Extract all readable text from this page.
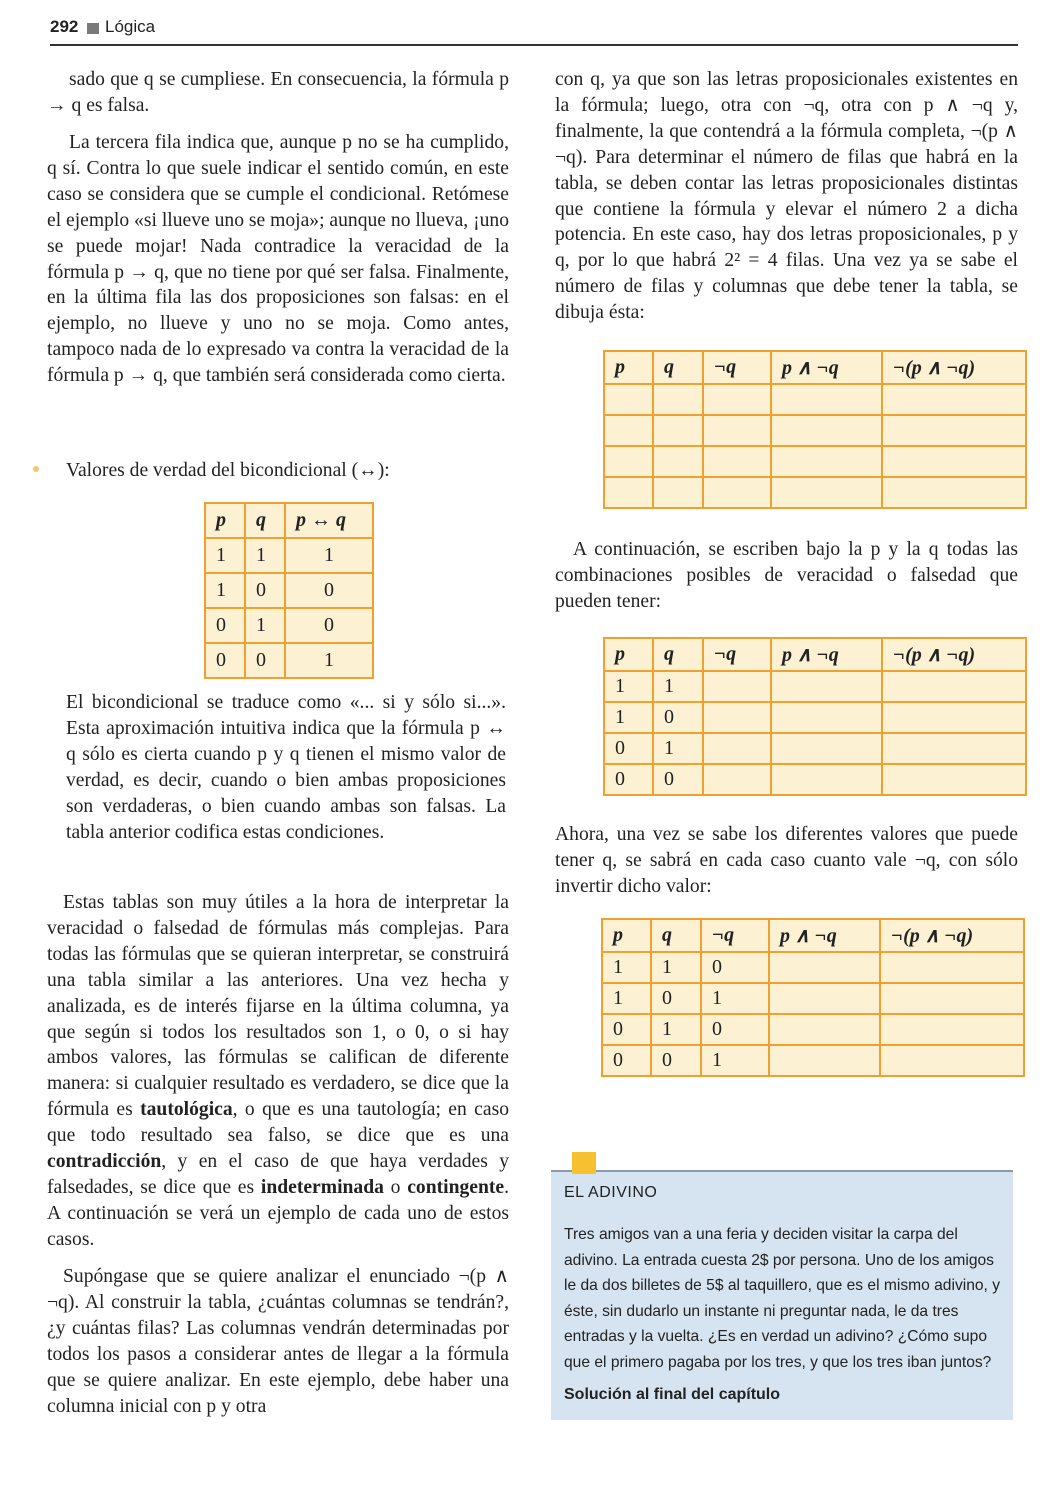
292 Lógica
sado que q se cumpliese. En consecuencia, la fórmula p → q es falsa.
La tercera fila indica que, aunque p no se ha cumplido, q sí. Contra lo que suele indicar el sentido común, en este caso se considera que se cumple el condicional. Retómese el ejemplo «si llueve uno se moja»; aunque no llueva, ¡uno se puede mojar! Nada contradice la veracidad de la fórmula p → q, que no tiene por qué ser falsa. Finalmente, en la última fila las dos proposiciones son falsas: en el ejemplo, no llueve y uno no se moja. Como antes, tampoco nada de lo expresado va contra la veracidad de la fórmula p → q, que también será considerada como cierta.
Valores de verdad del bicondicional (↔):
p	q	p ↔ q
1	1	1
1	0	0
0	1	0
0	0	1
El bicondicional se traduce como «... si y sólo si...». Esta aproximación intuitiva indica que la fórmula p ↔ q sólo es cierta cuando p y q tienen el mismo valor de verdad, es decir, cuando o bien ambas proposiciones son verdaderas, o bien cuando ambas son falsas. La tabla anterior codifica estas condiciones.
Estas tablas son muy útiles a la hora de interpretar la veracidad o falsedad de fórmulas más complejas. Para todas las fórmulas que se quieran interpretar, se construirá una tabla similar a las anteriores. Una vez hecha y analizada, es de interés fijarse en la última columna, ya que según si todos los resultados son 1, o 0, o si hay ambos valores, las fórmulas se califican de diferente manera: si cualquier resultado es verdadero, se dice que la fórmula es tautológica, o que es una tautología; en caso que todo resultado sea falso, se dice que es una contradicción, y en el caso de que haya verdades y falsedades, se dice que es indeterminada o contingente. A continuación se verá un ejemplo de cada uno de estos casos.
Supóngase que se quiere analizar el enunciado ¬(p ∧ ¬q). Al construir la tabla, ¿cuántas columnas se tendrán?, ¿y cuántas filas? Las columnas vendrán determinadas por todos los pasos a considerar antes de llegar a la fórmula que se quiere analizar. En este ejemplo, debe haber una columna inicial con p y otra
con q, ya que son las letras proposicionales existentes en la fórmula; luego, otra con ¬q, otra con p ∧ ¬q y, finalmente, la que contendrá a la fórmula completa, ¬(p ∧ ¬q). Para determinar el número de filas que habrá en la tabla, se deben contar las letras proposicionales distintas que contiene la fórmula y elevar el número 2 a dicha potencia. En este caso, hay dos letras proposicionales, p y q, por lo que habrá 2² = 4 filas. Una vez ya se sabe el número de filas y columnas que debe tener la tabla, se dibuja ésta:
p	q	¬q	p ∧ ¬q	¬(p ∧ ¬q)

A continuación, se escriben bajo la p y la q todas las combinaciones posibles de veracidad o falsedad que pueden tener:
p	q	¬q	p ∧ ¬q	¬(p ∧ ¬q)
1	1			
1	0			
0	1			
0	0			
Ahora, una vez se sabe los diferentes valores que puede tener q, se sabrá en cada caso cuanto vale ¬q, con sólo invertir dicho valor:
p	q	¬q	p ∧ ¬q	¬(p ∧ ¬q)
1	1	0		
1	0	1		
0	1	0		
0	0	1		
EL ADIVINO
Tres amigos van a una feria y deciden visitar la carpa del adivino. La entrada cuesta 2$ por persona. Uno de los amigos le da dos billetes de 5$ al taquillero, que es el mismo adivino, y éste, sin dudarlo un instante ni preguntar nada, le da tres entradas y la vuelta. ¿Es en verdad un adivino? ¿Cómo supo que el primero pagaba por los tres, y que los tres iban juntos?
Solución al final del capítulo
